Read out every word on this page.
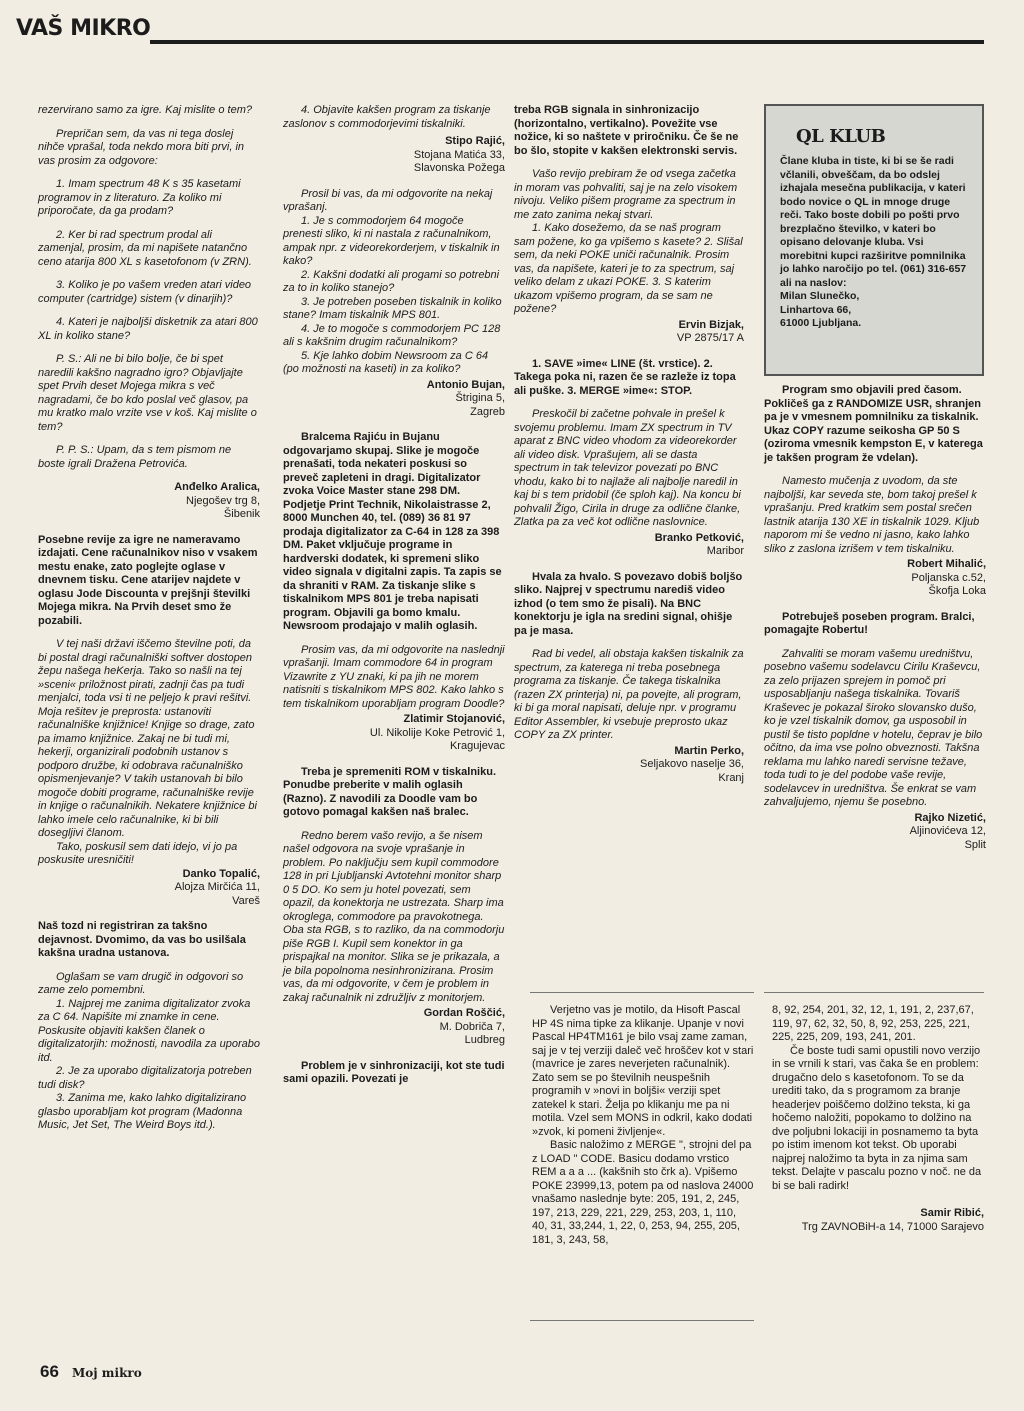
VAŠ MIKRO

rezervirano samo za igre. Kaj mislite o tem?

Prepričan sem, da vas ni tega doslej nihče vprašal, toda nekdo mora biti prvi, in vas prosim za odgovore:

1. Imam spectrum 48 K s 35 kasetami programov in z literaturo. Za koliko mi priporočate, da ga prodam?

2. Ker bi rad spectrum prodal ali zamenjal, prosim, da mi napišete natančno ceno atarija 800 XL s kasetofonom (v ZRN).

3. Koliko je po vašem vreden atari video computer (cartridge) sistem (v dinarjih)?

4. Kateri je najboljši disketnik za atari 800 XL in koliko stane?

P. S.: Ali ne bi bilo bolje, če bi spet naredili kakšno nagradno igro? Objavljajte spet Prvih deset Mojega mikra s več nagradami, če bo kdo poslal več glasov, pa mu kratko malo vrzite vse v koš. Kaj mislite o tem?

P. P. S.: Upam, da s tem pismom ne boste igrali Dražena Petrovića.

Anđelko Aralica,
Njegošev trg 8,
Šibenik

Posebne revije za igre ne nameravamo izdajati. Cene računalnikov niso v vsakem mestu enake, zato poglejte oglase v dnevnem tisku. Cene atarijev najdete v oglasu Jode Discounta v prejšnji številki Mojega mikra. Na Prvih deset smo že pozabili.

V tej naši državi iščemo številne poti, da bi postal dragi računalniški softver dostopen žepu našega heKerja. Tako so našli na tej »sceni« priložnost pirati, zadnji čas pa tudi menjalci, toda vsi ti ne peljejo k pravi rešitvi. Moja rešitev je preprosta: ustanoviti računalniške knjižnice! Knjige so drage, zato pa imamo knjižnice. Zakaj ne bi tudi mi, hekerji, organizirali podobnih ustanov s podporo družbe, ki odobrava računalniško opismenjevanje? V takih ustanovah bi bilo mogoče dobiti programe, računalniške revije in knjige o računalnikih. Nekatere knjižnice bi lahko imele celo računalnike, ki bi bili dosegljivi članom.

Tako, poskusil sem dati idejo, vi jo pa poskusite uresničiti!

Danko Topalić,
Alojza Mirčića 11,
Vareš

Naš tozd ni registriran za takšno dejavnost. Dvomimo, da vas bo usilšala kakšna uradna ustanova.

Oglašam se vam drugič in odgovori so zame zelo pomembni.

1. Najprej me zanima digitalizator zvoka za C 64. Napišite mi znamke in cene. Poskusite objaviti kakšen članek o digitalizatorjih: možnosti, navodila za uporabo itd.

2. Je za uporabo digitalizatorja potreben tudi disk?

3. Zanima me, kako lahko digitalizirano glasbo uporabljam kot program (Madonna Music, Jet Set, The Weird Boys itd.).

4. Objavite kakšen program za tiskanje zaslonov s commodorjevimi tiskalniki.

Stipo Rajić,
Stojana Matića 33,
Slavonska Požega

Prosil bi vas, da mi odgovorite na nekaj vprašanj.

1. Je s commodorjem 64 mogoče prenesti sliko, ki ni nastala z računalnikom, ampak npr. z videorekorderjem, v tiskalnik in kako?

2. Kakšni dodatki ali progami so potrebni za to in koliko stanejo?

3. Je potreben poseben tiskalnik in koliko stane? Imam tiskalnik MPS 801.

4. Je to mogoče s commodorjem PC 128 ali s kakšnim drugim računalnikom?

5. Kje lahko dobim Newsroom za C 64 (po možnosti na kaseti) in za koliko?

Antonio Bujan,
Štrigina 5,
Zagreb

Bralcema Rajiću in Bujanu odgovarjamo skupaj. Slike je mogoče prenašati, toda nekateri poskusi so preveč zapleteni in dragi. Digitalizator zvoka Voice Master stane 298 DM. Podjetje Print Technik, Nikolaistrasse 2, 8000 Munchen 40, tel. (089) 36 81 97 prodaja digitalizator za C-64 in 128 za 398 DM. Paket vključuje programe in hardverski dodatek, ki spremeni sliko video signala v digitalni zapis. Ta zapis se da shraniti v RAM. Za tiskanje slike s tiskalnikom MPS 801 je treba napisati program. Objavili ga bomo kmalu. Newsroom prodajajo v malih oglasih.

Prosim vas, da mi odgovorite na naslednji vprašanji. Imam commodore 64 in program Vizawrite z YU znaki, ki pa jih ne morem natisniti s tiskalnikom MPS 802. Kako lahko s tem tiskalnikom uporabljam program Doodle?

Zlatimir Stojanović,
Ul. Nikolije Koke Petrović 1,
Kragujevac

Treba je spremeniti ROM v tiskalniku. Ponudbe preberite v malih oglasih (Razno). Z navodili za Doodle vam bo gotovo pomagal kakšen naš bralec.

Redno berem vašo revijo, a še nisem našel odgovora na svoje vprašanje in problem. Po naključju sem kupil commodore 128 in pri Ljubljanski Avtotehni monitor sharp 0 5 DO. Ko sem ju hotel povezati, sem opazil, da konektorja ne ustrezata. Sharp ima okroglega, commodore pa pravokotnega. Oba sta RGB, s to razliko, da na commodorju piše RGB I. Kupil sem konektor in ga prispajkal na monitor. Slika se je prikazala, a je bila popolnoma nesinhronizirana. Prosim vas, da mi odgovorite, v čem je problem in zakaj računalnik ni združljiv z monitorjem.

Gordan Roščić,
M. Dobriča 7,
Ludbreg

Problem je v sinhronizaciji, kot ste tudi sami opazili. Povezati je

treba RGB signala in sinhronizacijo (horizontalno, vertikalno). Povežite vse nožice, ki so naštete v priročniku. Če še ne bo šlo, stopite v kakšen elektronski servis.

Vašo revijo prebiram že od vsega začetka in moram vas pohvaliti, saj je na zelo visokem nivoju. Veliko pišem programe za spectrum in me zato zanima nekaj stvari.

1. Kako dosežemo, da se naš program sam požene, ko ga vpišemo s kasete? 2. Slišal sem, da neki POKE uniči računalnik. Prosim vas, da napišete, kateri je to za spectrum, saj veliko delam z ukazi POKE. 3. S katerim ukazom vpišemo program, da se sam ne požene?

Ervin Bizjak,
VP 2875/17 A

1. SAVE »ime« LINE (št. vrstice). 2. Takega poka ni, razen če se razleže iz topa ali puške. 3. MERGE »ime«: STOP.

Preskočil bi začetne pohvale in prešel k svojemu problemu. Imam ZX spectrum in TV aparat z BNC video vhodom za videorekorder ali video disk. Vprašujem, ali se dasta spectrum in tak televizor povezati po BNC vhodu, kako bi to najlaže ali najbolje naredil in kaj bi s tem pridobil (če sploh kaj). Na koncu bi pohvalil Žigo, Cirila in druge za odlične članke, Zlatka pa za več kot odlične naslovnice.

Branko Petković,
Maribor

Hvala za hvalo. S povezavo dobiš boljšo sliko. Najprej v spectrumu narediš video izhod (o tem smo že pisali). Na BNC konektorju je igla na sredini signal, ohišje pa je masa.

Rad bi vedel, ali obstaja kakšen tiskalnik za spectrum, za katerega ni treba posebnega programa za tiskanje. Če takega tiskalnika (razen ZX printerja) ni, pa povejte, ali program, ki bi ga moral napisati, deluje npr. v programu Editor Assembler, ki vsebuje preprosto ukaz COPY za ZX printer.

Martin Perko,
Seljakovo naselje 36,
Kranj
QL KLUB
Člane kluba in tiste, ki bi se še radi včlanili, obveščam, da bo odslej izhajala mesečna publikacija, v kateri bodo novice o QL in mnoge druge reči. Tako boste dobili po pošti prvo brezplačno številko, v kateri bo opisano delovanje kluba. Vsi morebitni kupci razširitve pomnilnika jo lahko naročijo po tel. (061) 316-657 ali na naslov:
Milan Slunečko,
Linhartova 66,
61000 Ljubljana.

Program smo objavili pred časom. Pokličeš ga z RANDOMIZE USR, shranjen pa je v vmesnem pomnilniku za tiskalnik. Ukaz COPY razume seikosha GP 50 S (oziroma vmesnik kempston E, v katerega je takšen program že vdelan).

Namesto mučenja z uvodom, da ste najboljši, kar seveda ste, bom takoj prešel k vprašanju. Pred kratkim sem postal srečen lastnik atarija 130 XE in tiskalnik 1029. Kljub naporom mi še vedno ni jasno, kako lahko sliko z zaslona izrišem v tem tiskalniku.

Robert Mihalić,
Poljanska c.52,
Škofja Loka

Potrebuješ poseben program. Bralci, pomagajte Robertu!

Zahvaliti se moram vašemu uredništvu, posebno vašemu sodelavcu Cirilu Kraševcu, za zelo prijazen sprejem in pomoč pri usposabljanju našega tiskalnika. Tovariš Kraševec je pokazal široko slovansko dušo, ko je vzel tiskalnik domov, ga usposobil in pustil še tisto popldne v hotelu, čeprav je bilo očitno, da ima vse polno obveznosti. Takšna reklama mu lahko naredi servisne težave, toda tudi to je del podobe vaše revije, sodelavcev in uredništva. Še enkrat se vam zahvaljujemo, njemu še posebno.

Rajko Nizetić,
Aljinovićeva 12,
Split

Verjetno vas je motilo, da Hisoft Pascal HP 4S nima tipke za klikanje. Upanje v novi Pascal HP4TM161 je bilo vsaj zame zaman, saj je v tej verziji daleč več hroščev kot v stari (mavrice je zares neverjeten računalnik). Zato sem se po številnih neuspešnih programih v »novi in boljši« verziji spet zatekel k stari. Želja po klikanju me pa ni motila. Vzel sem MONS in odkril, kako dodati »zvok, ki pomeni življenje«.

Basic naložimo z MERGE ", strojni del pa z LOAD " CODE. Basicu dodamo vrstico REM a a a ... (kakšnih sto črk a). Vpišemo POKE 23999,13, potem pa od naslova 24000 vnašamo naslednje byte: 205, 191, 2, 245, 197, 213, 229, 221, 229, 253, 203, 1, 110, 40, 31, 33,244, 1, 22, 0, 253, 94, 255, 205, 181, 3, 243, 58,

8, 92, 254, 201, 32, 12, 1, 191, 2, 237,67, 119, 97, 62, 32, 50, 8, 92, 253, 225, 221, 225, 225, 209, 193, 241, 201.

Če boste tudi sami opustili novo verzijo in se vrnili k stari, vas čaka še en problem: drugačno delo s kasetofonom. To se da urediti tako, da s programom za branje headerjev poiščemo dolžino teksta, ki ga hočemo naložiti, popokamo to dolžino na dve poljubni lokaciji in posnamemo ta byta po istim imenom kot tekst. Ob uporabi najprej naložimo ta byta in za njima sam tekst. Delajte v pascalu pozno v noč. ne da bi se bali radirk!

Samir Ribić,
Trg ZAVNOBiH-a 14, 71000 Sarajevo
66 Moj mikro
